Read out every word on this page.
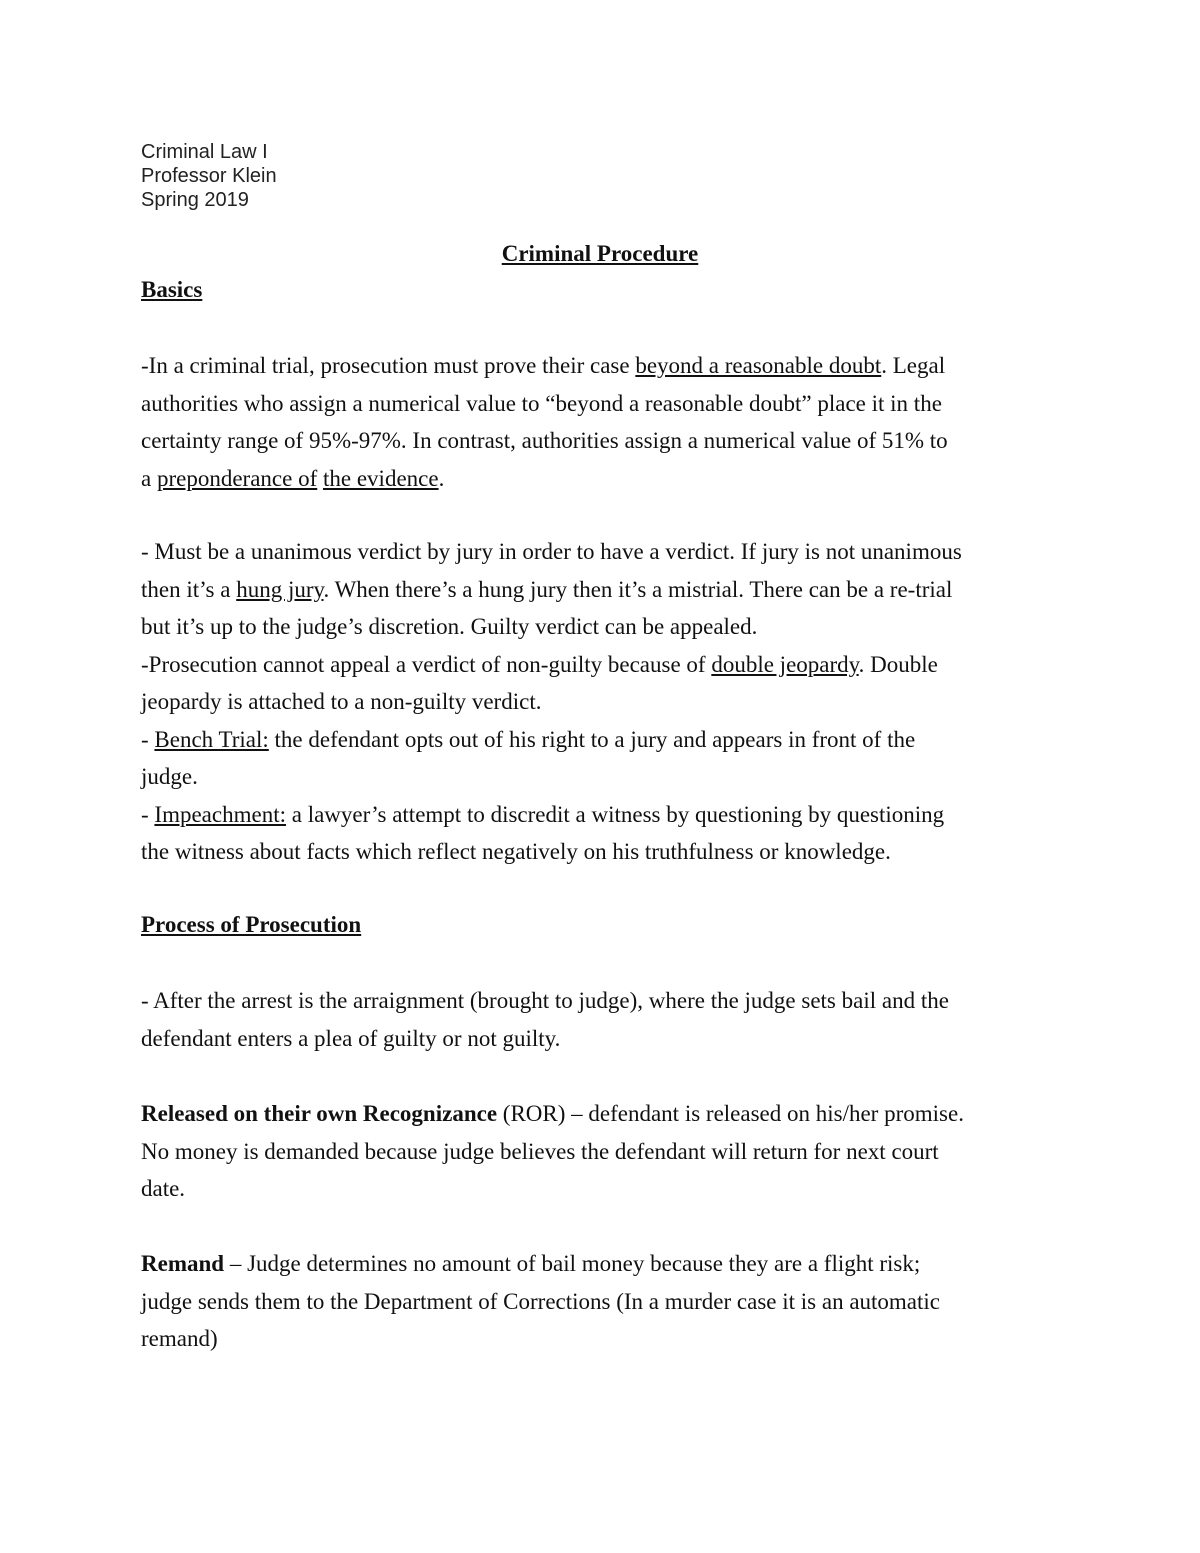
Criminal Law I
Professor Klein
Spring 2019
Criminal Procedure
Basics
-In a criminal trial, prosecution must prove their case beyond a reasonable doubt. Legal
authorities who assign a numerical value to “beyond a reasonable doubt” place it in the
certainty range of 95%-97%. In contrast, authorities assign a numerical value of 51% to
a preponderance of the evidence.
- Must be a unanimous verdict by jury in order to have a verdict. If jury is not unanimous
then it’s a hung jury. When there’s a hung jury then it’s a mistrial. There can be a re-trial
but it’s up to the judge’s discretion. Guilty verdict can be appealed.
-Prosecution cannot appeal a verdict of non-guilty because of double jeopardy. Double
jeopardy is attached to a non-guilty verdict.
- Bench Trial: the defendant opts out of his right to a jury and appears in front of the
judge.
- Impeachment: a lawyer’s attempt to discredit a witness by questioning by questioning
the witness about facts which reflect negatively on his truthfulness or knowledge.
Process of Prosecution
- After the arrest is the arraignment (brought to judge), where the judge sets bail and the
defendant enters a plea of guilty or not guilty.
Released on their own Recognizance (ROR) – defendant is released on his/her promise.
No money is demanded because judge believes the defendant will return for next court
date.
Remand – Judge determines no amount of bail money because they are a flight risk;
judge sends them to the Department of Corrections (In a murder case it is an automatic
remand)
